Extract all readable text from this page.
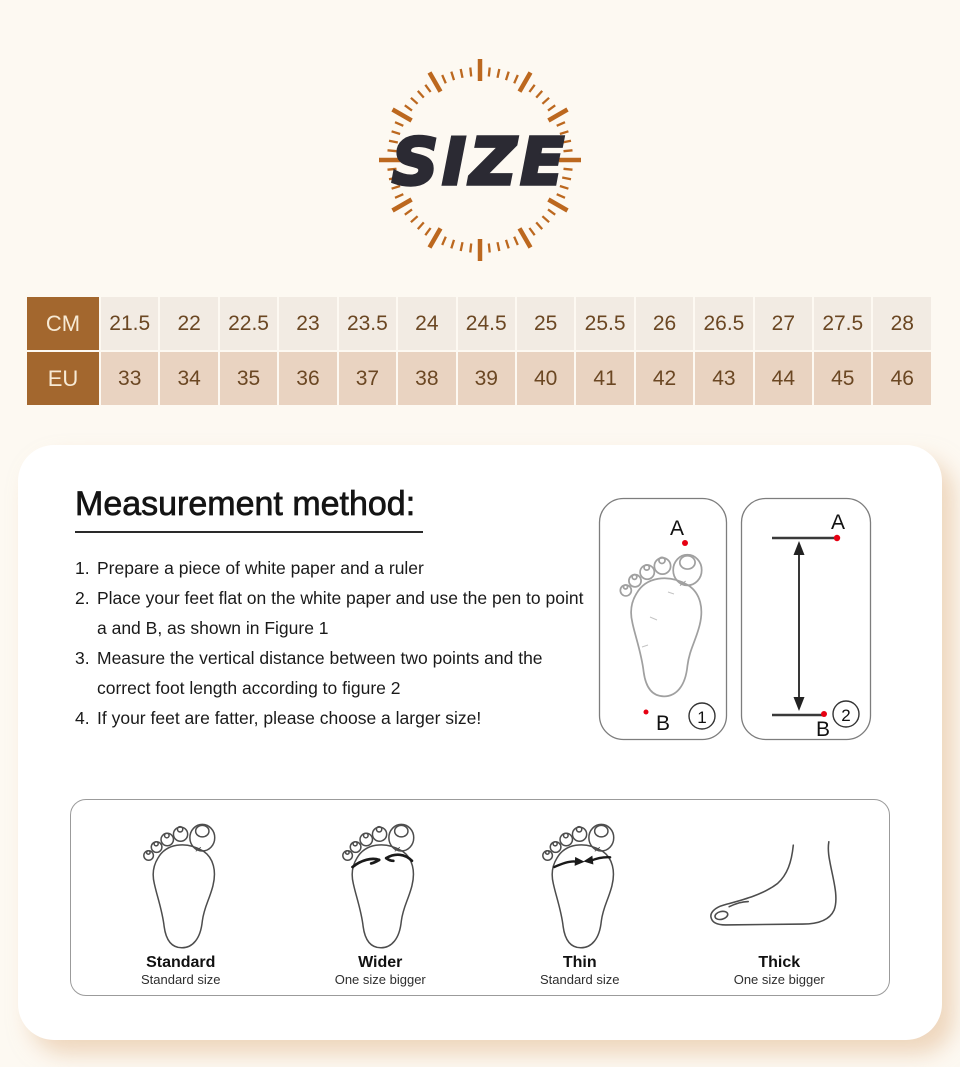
SIZE
CM	21.5	22	22.5	23	23.5	24	24.5	25	25.5	26	26.5	27	27.5	28
EU	33	34	35	36	37	38	39	40	41	42	43	44	45	46
Measurement method:
1. Prepare a piece of white paper and a ruler
2. Place your feet flat on the white paper and use the pen to point a and B, as shown in Figure 1
3. Measure the vertical distance between two points and the correct foot length according to figure 2
4. If your feet are fatter, please choose a larger size!
A
B 1
A
B
2
Standard
Standard size
Wider
One size bigger
Thin
Standard size
Thick
One size bigger
